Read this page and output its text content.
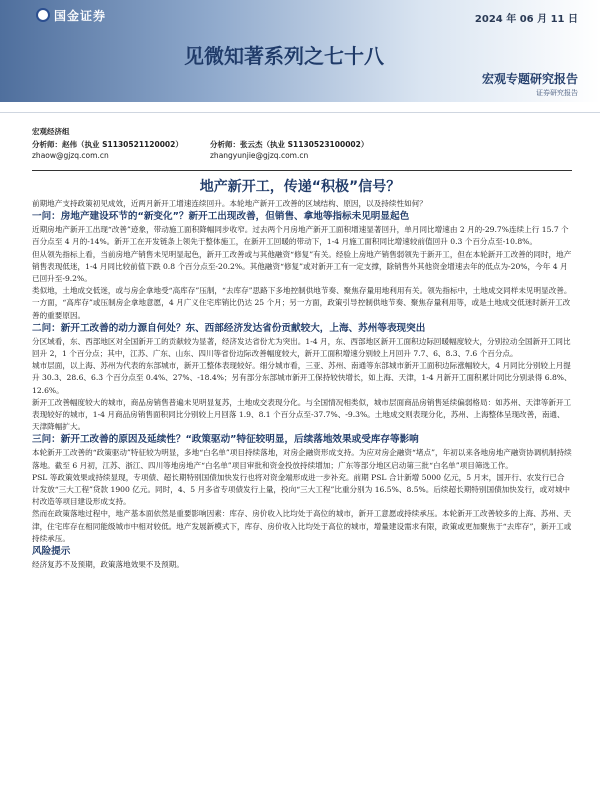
国金证券	2024 年 06 月 11 日
见微知著系列之七十八
宏观专题研究报告
证券研究报告
宏观经济组
分析师：赵伟（执业 S1130521120002）
zhaow@gjzq.com.cn
分析师：张云杰（执业 S1130523100002）
zhangyunjie@gjzq.com.cn
地产新开工，传递“积极”信号？

前期地产支持政策初见成效，近两月新开工增速连续回升。本轮地产新开工改善的区域结构、原因，以及持续性如何？

一问：房地产建设环节的“新变化”？新开工出现改善，但销售、拿地等指标未见明显起色

近期房地产新开工出现“改善”迹象，带动施工面积降幅同步收窄。过去两个月房地产新开工面积增速显著回升，单月同比增速由 2 月的-29.7%连续上行 15.7 个百分点至 4 月的-14%。新开工在开发链条上领先于整体施工，在新开工回暖的带动下，1-4 月施工面积同比增速较前值回升 0.3 个百分点至-10.8%。

但从领先指标上看，当前房地产销售未见明显起色，新开工改善或与其他融资“修复”有关。经验上房地产销售弱领先于新开工，但在本轮新开工改善的同时，地产销售表现低迷，1-4 月同比较前值下跌 0.8 个百分点至-20.2%。其他融资“修复”或对新开工有一定支撑，除销售外其他资金增速去年的低点为-20%，今年 4 月已回升至-9.2%。

类似地，土地成交低迷，或与房企拿地受“高库存”压制，“去库存”思路下多地控制供地节奏、聚焦存量用地利用有关。领先指标中，土地成交同样未见明显改善。一方面，“高库存”或压制房企拿地意愿，4 月广义住宅库销比仍达 25 个月；另一方面，政策引导控制供地节奏、聚焦存量利用等，或是土地成交低迷时新开工改善的重要原因。

二问：新开工改善的动力源自何处？东、西部经济发达省份贡献较大，上海、苏州等表现突出

分区域看，东、西部地区对全国新开工的贡献较为显著，经济发达省份尤为突出。1-4 月，东、西部地区新开工面积边际回暖幅度较大，分别拉动全国新开工同比回升 2，1 个百分点；其中，江苏、广东、山东、四川等省份边际改善幅度较大，新开工面积增速分别较上月回升 7.7、6、8.3、7.6 个百分点。

城市层面，以上海、苏州为代表的东部城市，新开工整体表现较好。细分城市看，三亚、苏州、南通等东部城市新开工面积边际涨幅较大，4 月同比分别较上月提升 30.3、28.6、6.3 个百分点至 0.4%、27%、-18.4%；另有部分东部城市新开工保持较快增长，如上海、天津，1-4 月新开工面积累计同比分别录得 6.8%、12.6%。

新开工改善幅度较大的城市，商品房销售普遍未见明显复苏，土地成交表现分化。与全国情况相类似，城市层面商品房销售延续偏弱格局：如苏州、天津等新开工表现较好的城市，1-4 月商品房销售面积同比分别较上月回落 1.9、8.1 个百分点至-37.7%、-9.3%。土地成交则表现分化，苏州、上海整体呈现改善，南通、天津降幅扩大。

三问：新开工改善的原因及延续性？“政策驱动”特征较明显，后续落地效果或受库存等影响

本轮新开工改善的“政策驱动”特征较为明显，多地“白名单”项目持续落地，对房企融资形成支持。为应对房企融资“堵点”，年初以来各地房地产融资协调机制持续落地。截至 6 月初，江苏、浙江、四川等地房地产“白名单”项目审批和资金投放持续增加；广东等部分地区启动第三批“白名单”项目筛选工作。

PSL 等政策效果或持续显现，专项债、超长期特别国债加快发行也将对资金端形成进一步补充。前期 PSL 合计新增 5000 亿元，5 月末，国开行、农发行已合计发放“三大工程”贷款 1900 亿元。同时，4、5 月多省专项债发行上量，投向“三大工程”比重分别为 16.5%、8.5%。后续超长期特别国债加快发行，或对城中村改造等项目建设形成支持。

然而在政策落地过程中，地产基本面依然是重要影响因素：库存、房价收入比均处于高位的城市，新开工意愿或持续承压。本轮新开工改善较多的上海、苏州、天津，住宅库存在相同能级城市中相对较低。地产发展新模式下，库存、房价收入比均处于高位的城市，增量建设需求有限，政策或更加聚焦于“去库存”，新开工或持续承压。

风险提示

经济复苏不及预期，政策落地效果不及预期。
